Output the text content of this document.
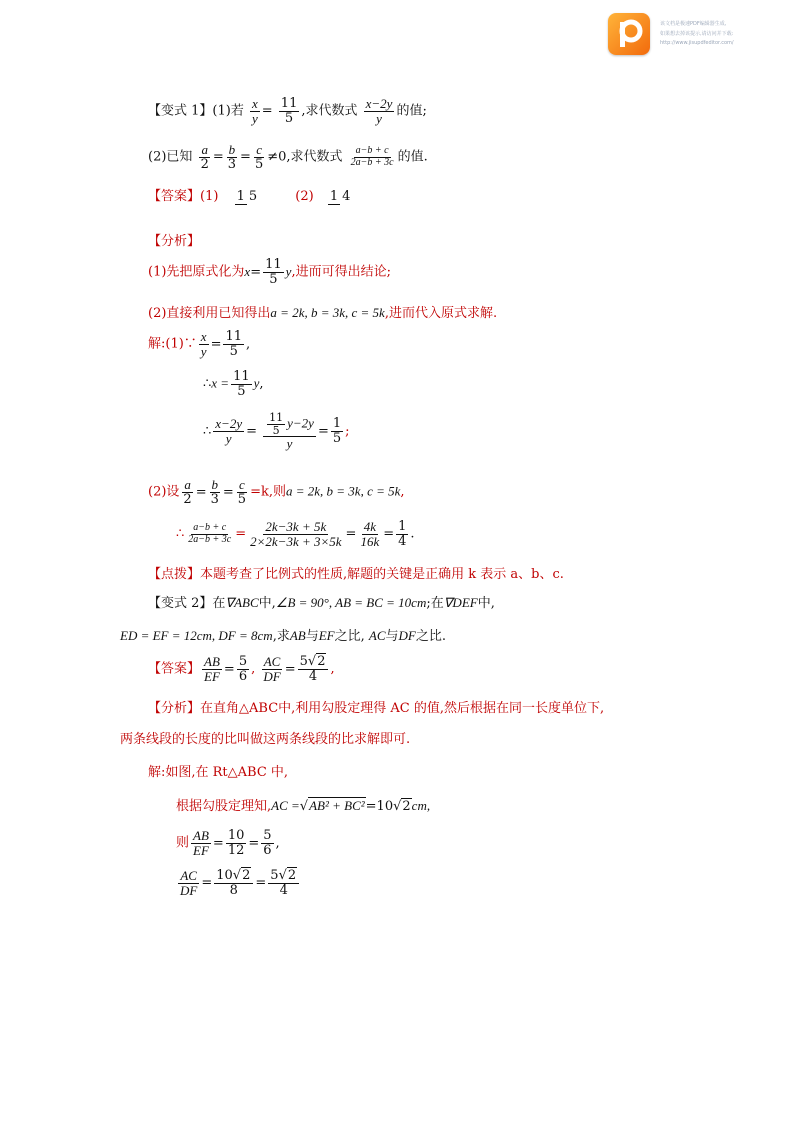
该文档是极速PDF编辑器生成,
如果想去掉该提示,请访问并下载:
http://www.jisupdfeditor.com/
【变式 1】(1)若 $\frac{x}{y} = \frac{11}{5}$ ,求代数式 $\frac{x-2y}{y}$ 的值;
(2)已知 $\frac{a}{2} = \frac{b}{3} = \frac{c}{5} \ne 0$,求代数式 $\frac{a-b + c}{2a-b + 3c}$ 的值.
【答案】(1) 1 5	(2) 1 4
【分析】
(1)先把原式化为$x= \frac{11}{5} y$,进而可得出结论;
(2)直接利用已知得出a = 2k, b = 3k, c = 5k,进而代入原式求解.
解:(1)∵ $\frac{x}{y} = \frac{11}{5}$ ,
∴x = $\frac{11}{5} y$,
∴ $\frac{x-2y}{y} = \frac{\frac{11}{5} y-2y}{y} = \frac{1}{5}$ ;
(2)设 $\frac{a}{2} = \frac{b}{3} = \frac{c}{5} =k$,则a = 2k, b = 3k, c = 5k,
∴ $\frac{a-b + c}{2a-b + 3c} = \frac{2k-3k + 5k}{2\times 2k-3k + 3\times 5k} = \frac{4k}{16k} = \frac{1}{4}$ .
【点拨】本题考查了比例式的性质,解题的关键是正确用 k 表示 a、b、c.
【变式 2】在∇ABC中,∠B = 90°, AB = BC = 10cm;在∇DEF中,
ED = EF = 12cm, DF = 8cm,求AB与EF之比, AC与DF之比.
【答案】 $\frac{AB}{EF} = \frac{5}{6}$ , $\frac{AC}{DF} = \frac{5√2}{4}$ ,
【分析】在直角△ABC中,利用勾股定理得 AC 的值,然后根据在同一长度单位下,
两条线段的长度的比叫做这两条线段的比求解即可.
解:如图,在 Rt△ABC 中,
根据勾股定理知,AC =√AB² + BC²=10√2cm,
则 $\frac{AB}{EF} = \frac{10}{12} = \frac{5}{6}$ ,
$\frac{AC}{DF} = \frac{10√2}{8} = \frac{5√2}{4}$
